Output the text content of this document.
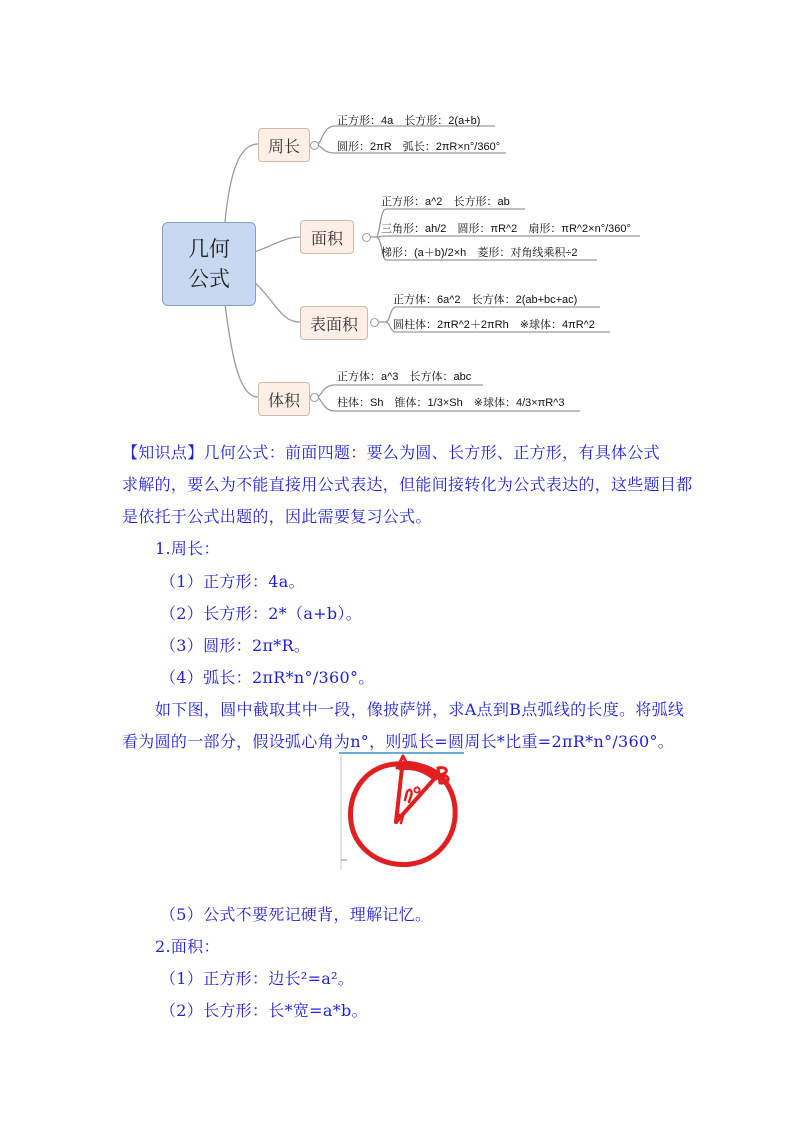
几何
公式
周长
正方形：4a 长方形：2(a+b)
圆形：2πR 弧长：2πR×n°/360°
面积
正方形：a^2 长方形：ab
三角形：ah/2 圆形：πR^2 扇形：πR^2×n°/360°
梯形：(a＋b)/2×h 菱形：对角线乘积÷2
表面积
正方体：6a^2 长方体：2(ab+bc+ac)
圆柱体：2πR^2＋2πRh ※球体：4πR^2
体积
正方体：a^3 长方体：abc
柱体：Sh 锥体：1/3×Sh ※球体：4/3×πR^3
【知识点】几何公式：前面四题：要么为圆、长方形、正方形，有具体公式
求解的，要么为不能直接用公式表达，但能间接转化为公式表达的，这些题目都
是依托于公式出题的，因此需要复习公式。
1.周长：
（1）正方形：4a。
（2）长方形：2*（a+b）。
（3）圆形：2π*R。
（4）弧长：2πR*n°/360°。
如下图，圆中截取其中一段，像披萨饼，求A点到B点弧线的长度。将弧线
看为圆的一部分，假设弧心角为n°，则弧长=圆周长*比重=2πR*n°/360°。
（5）公式不要死记硬背，理解记忆。
2.面积：
（1）正方形：边长²=a²。
（2）长方形：长*宽=a*b。
